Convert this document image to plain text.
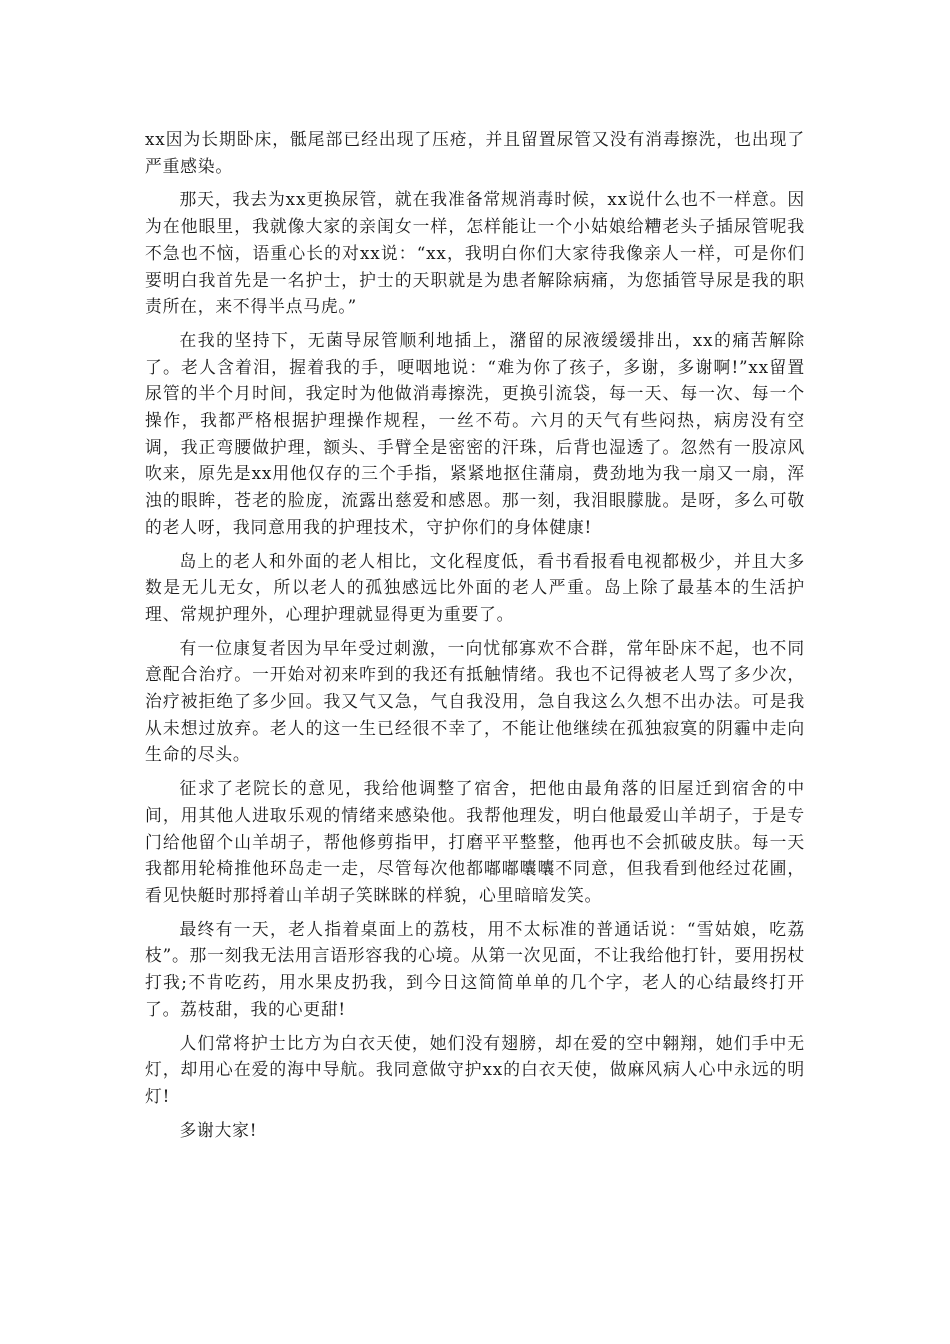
xx因为长期卧床，骶尾部已经出现了压疮，并且留置尿管又没有消毒擦洗，也出现了严重感染。

那天，我去为xx更换尿管，就在我准备常规消毒时候，xx说什么也不一样意。因为在他眼里，我就像大家的亲闺女一样，怎样能让一个小姑娘给糟老头子插尿管呢我不急也不恼，语重心长的对xx说：“xx，我明白你们大家待我像亲人一样，可是你们要明白我首先是一名护士，护士的天职就是为患者解除病痛，为您插管导尿是我的职责所在，来不得半点马虎。”

在我的坚持下，无菌导尿管顺利地插上，潴留的尿液缓缓排出，xx的痛苦解除了。老人含着泪，握着我的手，哽咽地说：“难为你了孩子，多谢，多谢啊!”xx留置尿管的半个月时间，我定时为他做消毒擦洗，更换引流袋，每一天、每一次、每一个操作，我都严格根据护理操作规程，一丝不苟。六月的天气有些闷热，病房没有空调，我正弯腰做护理，额头、手臂全是密密的汗珠，后背也湿透了。忽然有一股凉风吹来，原先是xx用他仅存的三个手指，紧紧地抠住蒲扇，费劲地为我一扇又一扇，浑浊的眼眸，苍老的脸庞，流露出慈爱和感恩。那一刻，我泪眼朦胧。是呀，多么可敬的老人呀，我同意用我的护理技术，守护你们的身体健康!

岛上的老人和外面的老人相比，文化程度低，看书看报看电视都极少，并且大多数是无儿无女，所以老人的孤独感远比外面的老人严重。岛上除了最基本的生活护理、常规护理外，心理护理就显得更为重要了。

有一位康复者因为早年受过刺激，一向忧郁寡欢不合群，常年卧床不起，也不同意配合治疗。一开始对初来咋到的我还有抵触情绪。我也不记得被老人骂了多少次，治疗被拒绝了多少回。我又气又急，气自我没用，急自我这么久想不出办法。可是我从未想过放弃。老人的这一生已经很不幸了，不能让他继续在孤独寂寞的阴霾中走向生命的尽头。

征求了老院长的意见，我给他调整了宿舍，把他由最角落的旧屋迁到宿舍的中间，用其他人进取乐观的情绪来感染他。我帮他理发，明白他最爱山羊胡子，于是专门给他留个山羊胡子，帮他修剪指甲，打磨平平整整，他再也不会抓破皮肤。每一天我都用轮椅推他环岛走一走，尽管每次他都嘟嘟囔囔不同意，但我看到他经过花圃，看见快艇时那捋着山羊胡子笑眯眯的样貌，心里暗暗发笑。

最终有一天，老人指着桌面上的荔枝，用不太标准的普通话说：“雪姑娘，吃荔枝”。那一刻我无法用言语形容我的心境。从第一次见面，不让我给他打针，要用拐杖打我;不肯吃药，用水果皮扔我，到今日这简简单单的几个字，老人的心结最终打开了。荔枝甜，我的心更甜!

人们常将护士比方为白衣天使，她们没有翅膀，却在爱的空中翱翔，她们手中无灯，却用心在爱的海中导航。我同意做守护xx的白衣天使，做麻风病人心中永远的明灯!

多谢大家!
